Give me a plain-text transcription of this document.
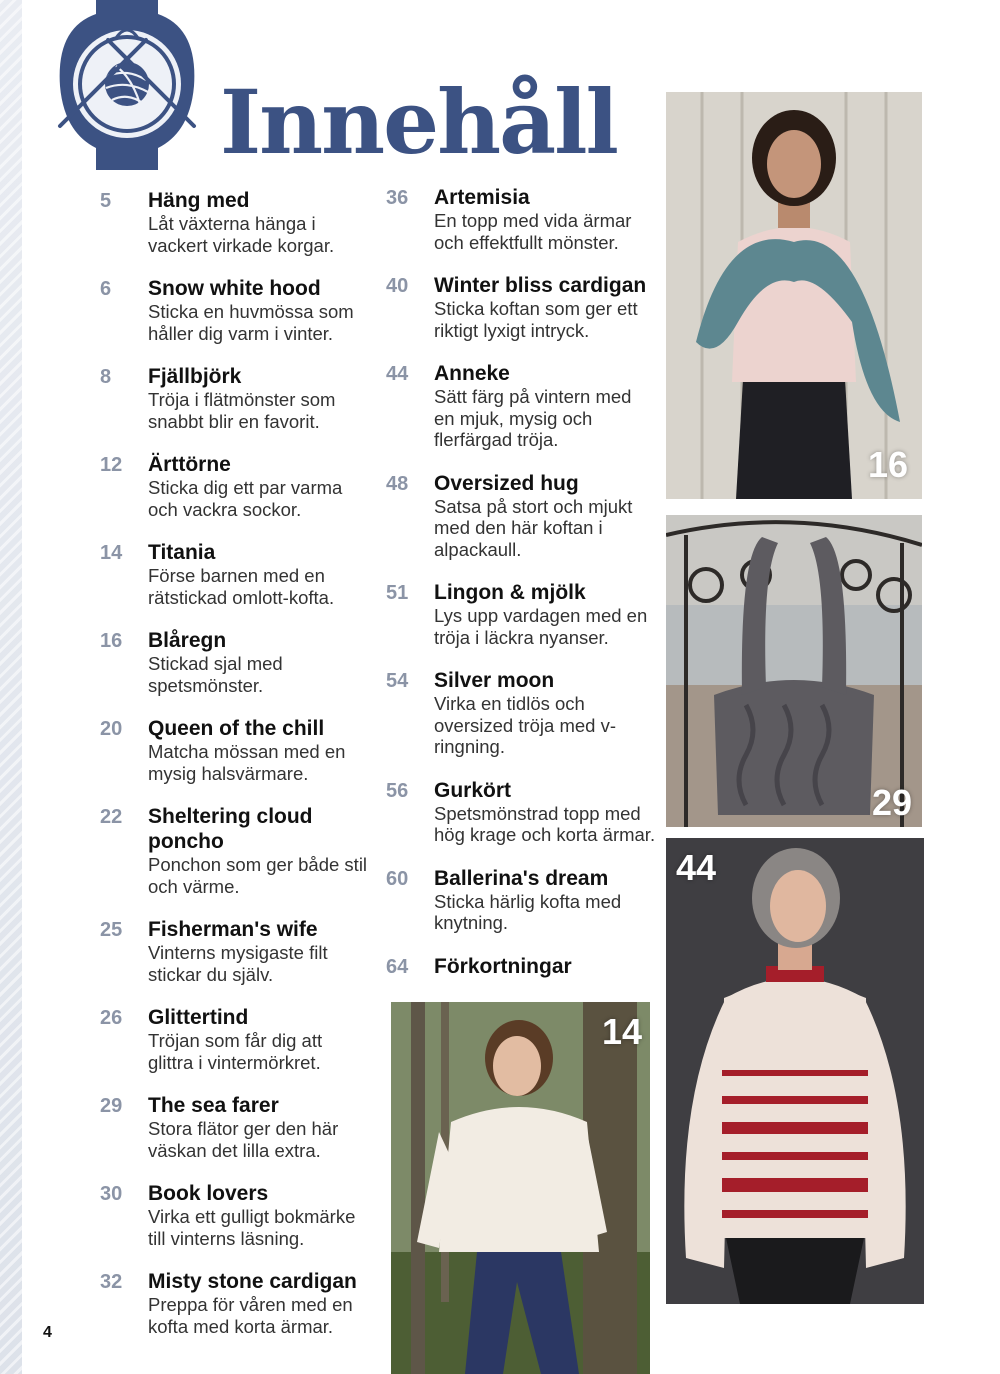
Innehåll
5	Häng med
Låt växterna hänga i vackert virkade korgar.
6	Snow white hood
Sticka en huvmössa som håller dig varm i vinter.
8	Fjällbjörk
Tröja i flätmönster som snabbt blir en favorit.
12	Ärttörne
Sticka dig ett par varma och vackra sockor.
14	Titania
Förse barnen med en rätstickad omlott-kofta.
16	Blåregn
Stickad sjal med spetsmönster.
20	Queen of the chill
Matcha mössan med en mysig halsvärmare.
22	Sheltering cloud poncho
Ponchon som ger både stil och värme.
25	Fisherman's wife
Vinterns mysigaste filt stickar du själv.
26	Glittertind
Tröjan som får dig att glittra i vintermörkret.
29	The sea farer
Stora flätor ger den här väskan det lilla extra.
30	Book lovers
Virka ett gulligt bokmärke till vinterns läsning.
32	Misty stone cardigan
Preppa för våren med en kofta med korta ärmar.
36	Artemisia
En topp med vida ärmar och effektfullt mönster.
40	Winter bliss cardigan
Sticka koftan som ger ett riktigt lyxigt intryck.
44	Anneke
Sätt färg på vintern med en mjuk, mysig och flerfärgad tröja.
48	Oversized hug
Satsa på stort och mjukt med den här koftan i alpackaull.
51	Lingon & mjölk
Lys upp vardagen med en tröja i läckra nyanser.
54	Silver moon
Virka en tidlös och oversized tröja med v-ringning.
56	Gurkört
Spetsmönstrad topp med hög krage och korta ärmar.
60	Ballerina's dream
Sticka härlig kofta med knytning.
64	Förkortningar
16
29
44
14
4
